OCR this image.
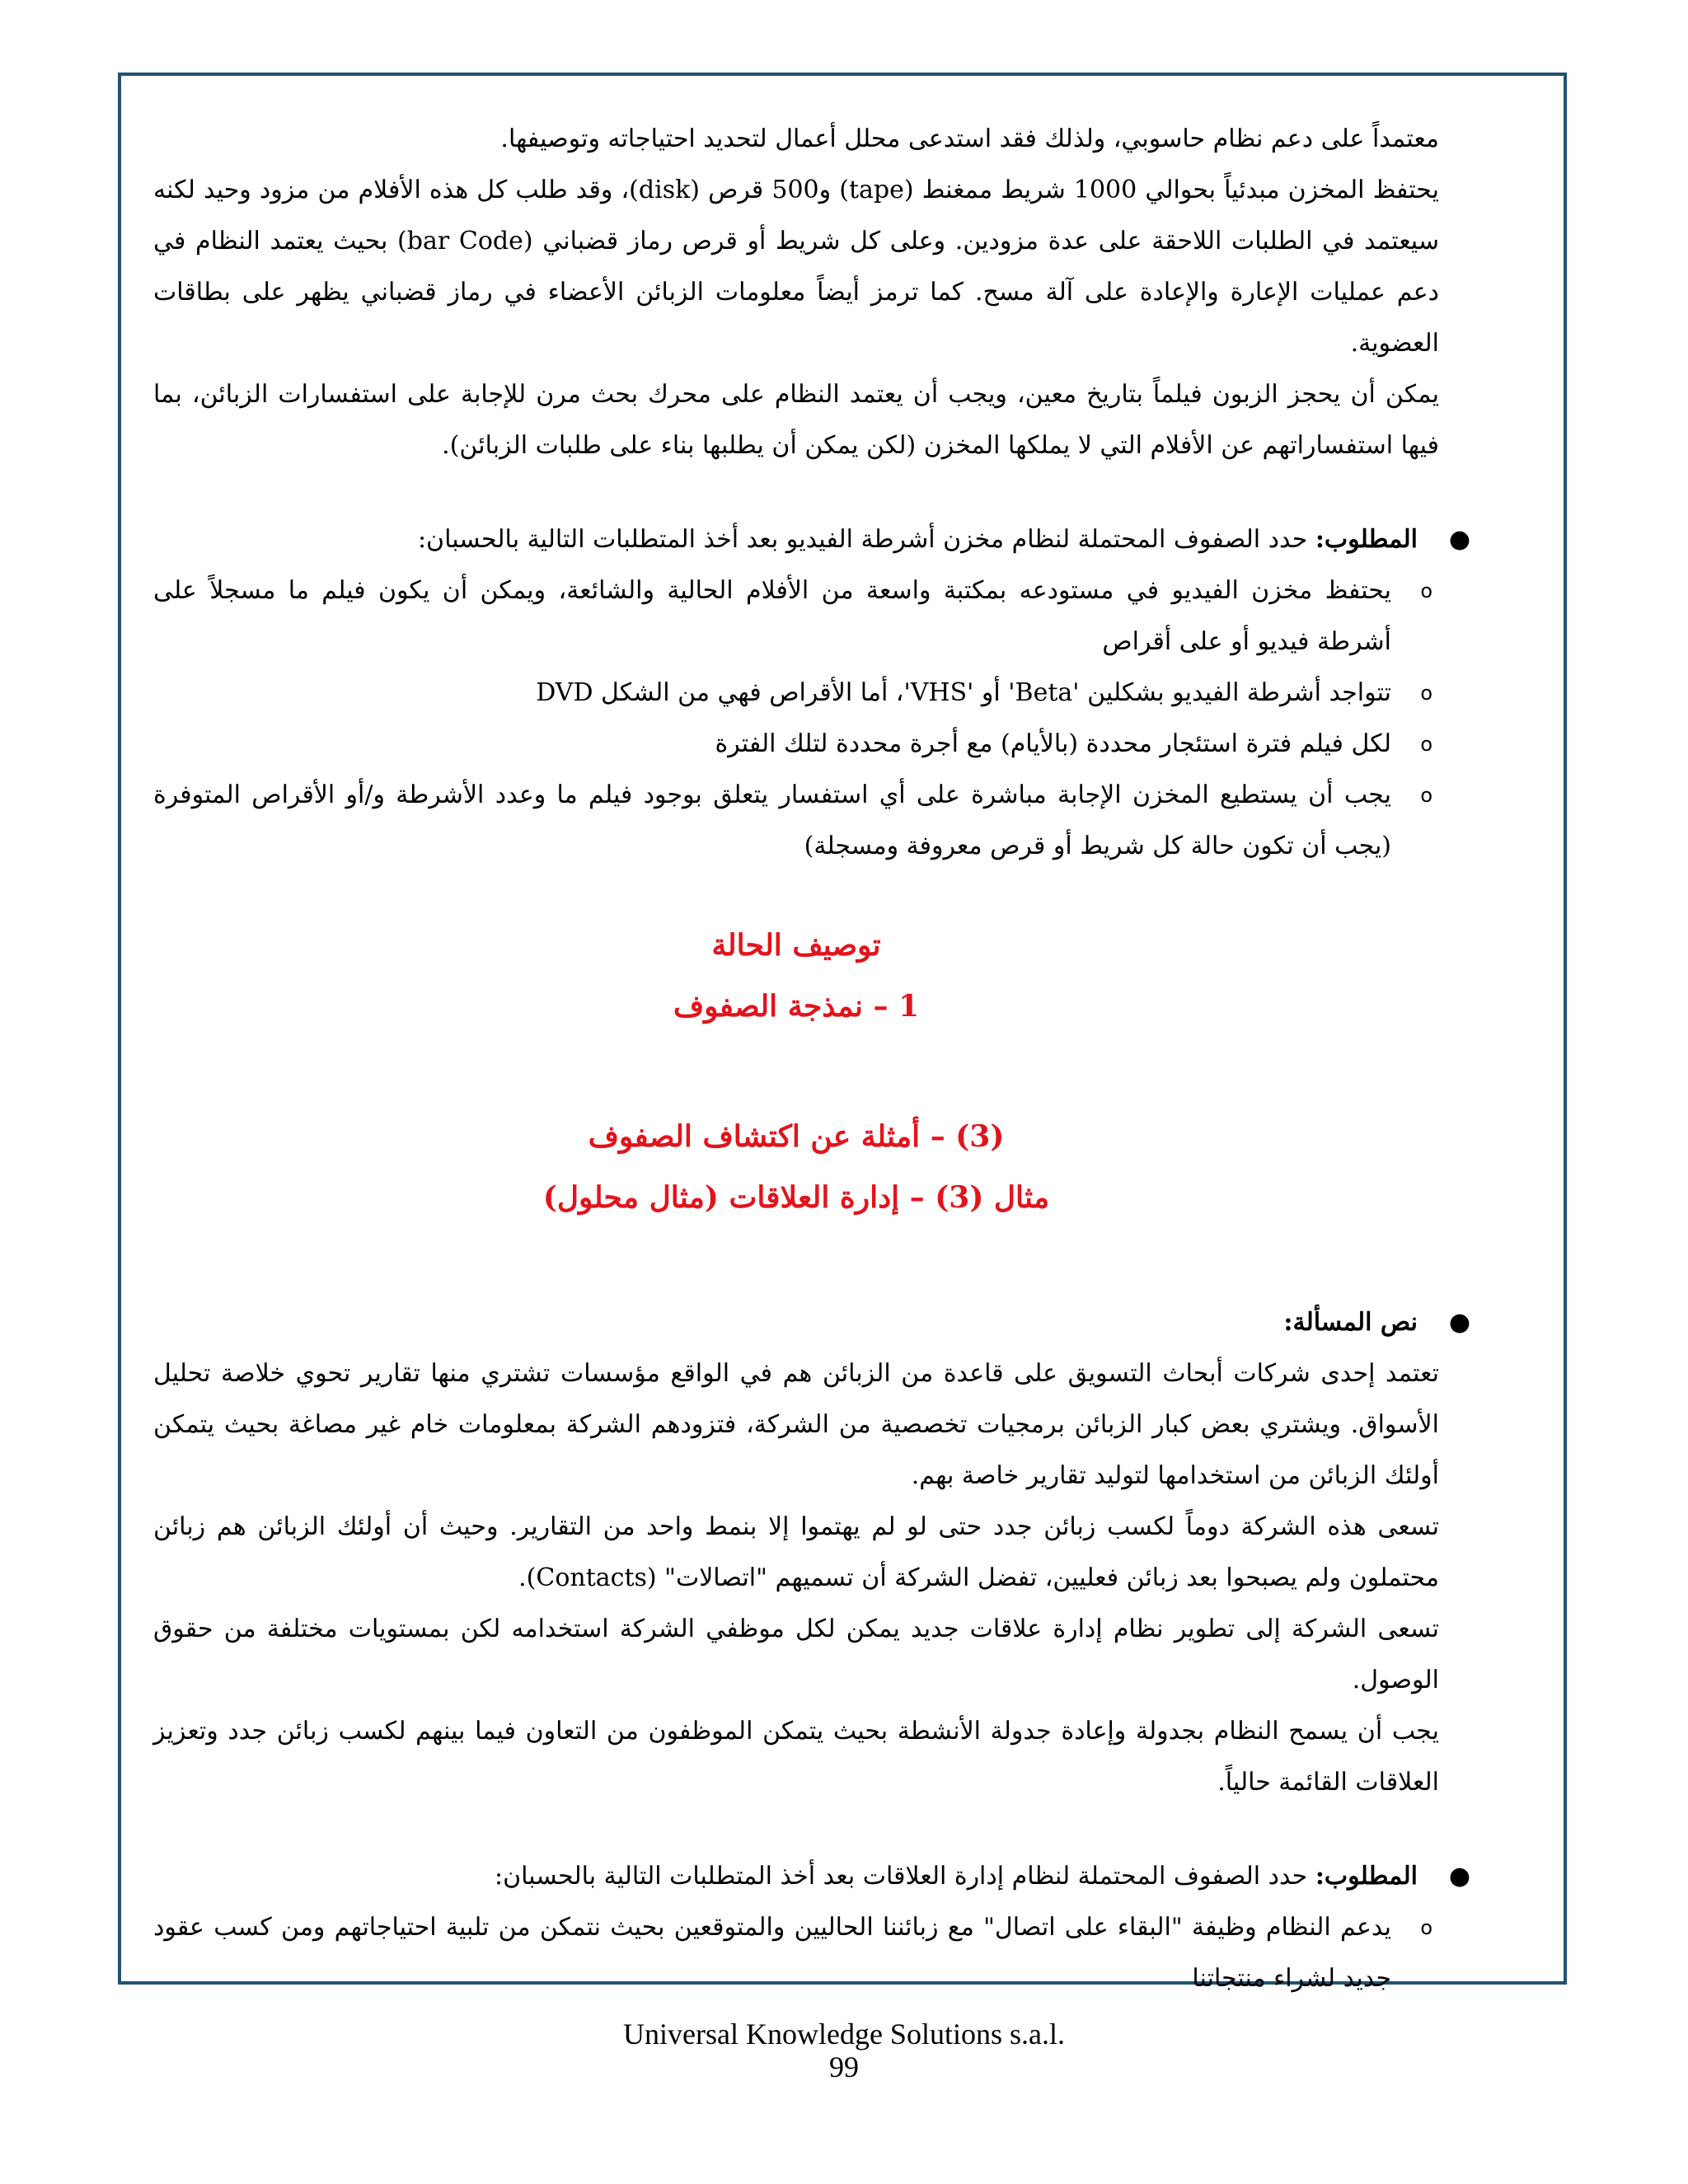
معتمداً على دعم نظام حاسوبي، ولذلك فقد استدعى محلل أعمال لتحديد احتياجاته وتوصيفها.

يحتفظ المخزن مبدئياً بحوالي 1000 شريط ممغنط (tape) و500 قرص (disk)، وقد طلب كل هذه الأفلام من مزود وحيد لكنه سيعتمد في الطلبات اللاحقة على عدة مزودين. وعلى كل شريط أو قرص رماز قضباني (bar Code) بحيث يعتمد النظام في دعم عمليات الإعارة والإعادة على آلة مسح. كما ترمز أيضاً معلومات الزبائن الأعضاء في رماز قضباني يظهر على بطاقات العضوية.

يمكن أن يحجز الزبون فيلماً بتاريخ معين، ويجب أن يعتمد النظام على محرك بحث مرن للإجابة على استفسارات الزبائن، بما فيها استفساراتهم عن الأفلام التي لا يملكها المخزن (لكن يمكن أن يطلبها بناء على طلبات الزبائن).

●
المطلوب: حدد الصفوف المحتملة لنظام مخزن أشرطة الفيديو بعد أخذ المتطلبات التالية بالحسبان:

o
يحتفظ مخزن الفيديو في مستودعه بمكتبة واسعة من الأفلام الحالية والشائعة، ويمكن أن يكون فيلم ما مسجلاً على أشرطة فيديو أو على أقراص

o
تتواجد أشرطة الفيديو بشكلين 'Beta' أو 'VHS'، أما الأقراص فهي من الشكل DVD

o
لكل فيلم فترة استئجار محددة (بالأيام) مع أجرة محددة لتلك الفترة

o
يجب أن يستطيع المخزن الإجابة مباشرة على أي استفسار يتعلق بوجود فيلم ما وعدد الأشرطة و/أو الأقراص المتوفرة (يجب أن تكون حالة كل شريط أو قرص معروفة ومسجلة)

توصيف الحالة

1 – نمذجة الصفوف

(3) – أمثلة عن اكتشاف الصفوف

مثال (3) – إدارة العلاقات (مثال محلول)

●
نص المسألة:

تعتمد إحدى شركات أبحاث التسويق على قاعدة من الزبائن هم في الواقع مؤسسات تشتري منها تقارير تحوي خلاصة تحليل الأسواق. ويشتري بعض كبار الزبائن برمجيات تخصصية من الشركة، فتزودهم الشركة بمعلومات خام غير مصاغة بحيث يتمكن أولئك الزبائن من استخدامها لتوليد تقارير خاصة بهم.

تسعى هذه الشركة دوماً لكسب زبائن جدد حتى لو لم يهتموا إلا بنمط واحد من التقارير. وحيث أن أولئك الزبائن هم زبائن محتملون ولم يصبحوا بعد زبائن فعليين، تفضل الشركة أن تسميهم "اتصالات" (Contacts).

تسعى الشركة إلى تطوير نظام إدارة علاقات جديد يمكن لكل موظفي الشركة استخدامه لكن بمستويات مختلفة من حقوق الوصول.

يجب أن يسمح النظام بجدولة وإعادة جدولة الأنشطة بحيث يتمكن الموظفون من التعاون فيما بينهم لكسب زبائن جدد وتعزيز العلاقات القائمة حالياً.

●
المطلوب: حدد الصفوف المحتملة لنظام إدارة العلاقات بعد أخذ المتطلبات التالية بالحسبان:

o
يدعم النظام وظيفة "البقاء على اتصال" مع زبائننا الحاليين والمتوقعين بحيث نتمكن من تلبية احتياجاتهم ومن كسب عقود جديد لشراء منتجاتنا

Universal Knowledge Solutions s.a.l.
99
